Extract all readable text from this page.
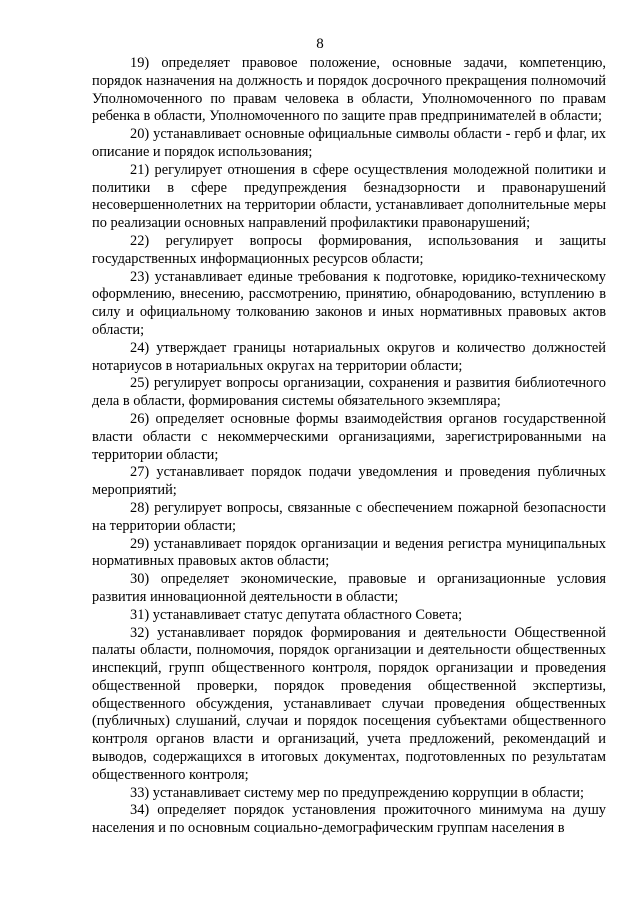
8

19) определяет правовое положение, основные задачи, компетенцию, порядок назначения на должность и порядок досрочного прекращения полномочий Уполномоченного по правам человека в области, Уполномоченного по правам ребенка в области, Уполномоченного по защите прав предпринимателей в области;

20) устанавливает основные официальные символы области - герб и флаг, их описание и порядок использования;

21) регулирует отношения в сфере осуществления молодежной политики и политики в сфере предупреждения безнадзорности и правонарушений несовершеннолетних на территории области, устанавливает дополнительные меры по реализации основных направлений профилактики правонарушений;

22) регулирует вопросы формирования, использования и защиты государственных информационных ресурсов области;

23) устанавливает единые требования к подготовке, юридико-техническому оформлению, внесению, рассмотрению, принятию, обнародованию, вступлению в силу и официальному толкованию законов и иных нормативных правовых актов области;

24) утверждает границы нотариальных округов и количество должностей нотариусов в нотариальных округах на территории области;

25) регулирует вопросы организации, сохранения и развития библиотечного дела в области, формирования системы обязательного экземпляра;

26) определяет основные формы взаимодействия органов государственной власти области с некоммерческими организациями, зарегистрированными на территории области;

27) устанавливает порядок подачи уведомления и проведения публичных мероприятий;

28) регулирует вопросы, связанные с обеспечением пожарной безопасности на территории области;

29) устанавливает порядок организации и ведения регистра муниципальных нормативных правовых актов области;

30) определяет экономические, правовые и организационные условия развития инновационной деятельности в области;

31) устанавливает статус депутата областного Совета;

32) устанавливает порядок формирования и деятельности Общественной палаты области, полномочия, порядок организации и деятельности общественных инспекций, групп общественного контроля, порядок организации и проведения общественной проверки, порядок проведения общественной экспертизы, общественного обсуждения, устанавливает случаи проведения общественных (публичных) слушаний, случаи и порядок посещения субъектами общественного контроля органов власти и организаций, учета предложений, рекомендаций и выводов, содержащихся в итоговых документах, подготовленных по результатам общественного контроля;

33) устанавливает систему мер по предупреждению коррупции в области;

34) определяет порядок установления прожиточного минимума на душу населения и по основным социально-демографическим группам населения в
